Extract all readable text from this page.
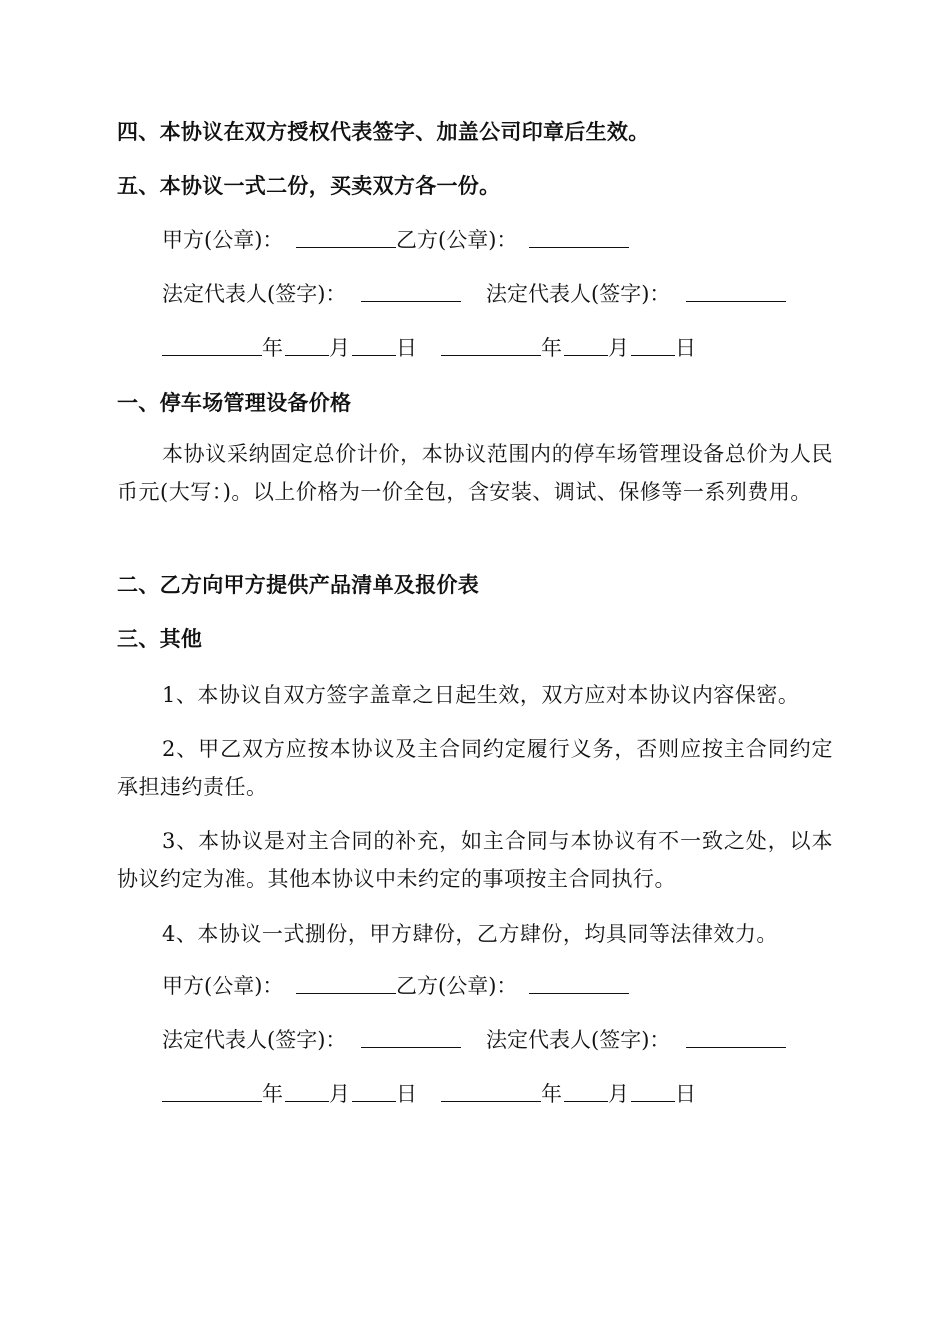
四、本协议在双方授权代表签字、加盖公司印章后生效。
五、本协议一式二份，买卖双方各一份。
甲方(公章)：	乙方(公章)：
法定代表人(签字)：	法定代表人(签字)：
年 月 日	年 月 日
一、停车场管理设备价格

本协议采纳固定总价计价，本协议范围内的停车场管理设备总价为人民币元(大写：)。以上价格为一价全包，含安装、调试、保修等一系列费用。

二、乙方向甲方提供产品清单及报价表
三、其他

1、本协议自双方签字盖章之日起生效，双方应对本协议内容保密。

2、甲乙双方应按本协议及主合同约定履行义务，否则应按主合同约定承担违约责任。

3、本协议是对主合同的补充，如主合同与本协议有不一致之处，以本协议约定为准。其他本协议中未约定的事项按主合同执行。

4、本协议一式捌份，甲方肆份，乙方肆份，均具同等法律效力。

甲方(公章)：	乙方(公章)：
法定代表人(签字)：	法定代表人(签字)：
年 月 日	年 月 日
